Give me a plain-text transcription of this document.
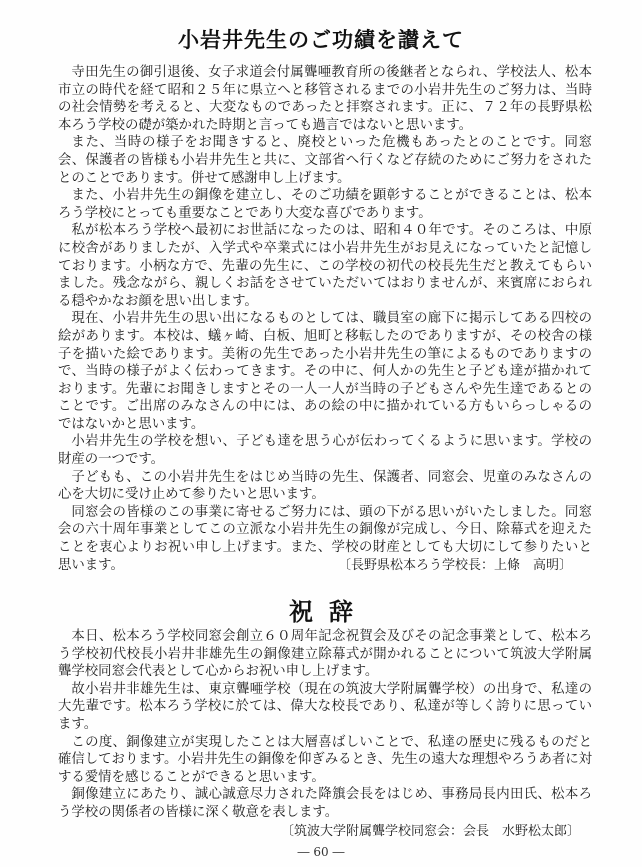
小岩井先生のご功績を讃えて

寺田先生の御引退後、女子求道会付属聾唖教育所の後継者となられ、学校法人、松本市立の時代を経て昭和２５年に県立へと移管されるまでの小岩井先生のご努力は、当時の社会情勢を考えると、大変なものであったと拝察されます。正に、７２年の長野県松本ろう学校の礎が築かれた時期と言っても過言ではないと思います。

また、当時の様子をお聞きすると、廃校といった危機もあったとのことです。同窓会、保護者の皆様も小岩井先生と共に、文部省へ行くなど存続のためにご努力をされたとのことであります。併せて感謝申し上げます。

また、小岩井先生の銅像を建立し、そのご功績を顕彰することができることは、松本ろう学校にとっても重要なことであり大変な喜びであります。

私が松本ろう学校へ最初にお世話になったのは、昭和４０年です。そのころは、中原に校舎がありましたが、入学式や卒業式には小岩井先生がお見えになっていたと記憶しております。小柄な方で、先輩の先生に、この学校の初代の校長先生だと教えてもらいました。残念ながら、親しくお話をさせていただいてはおりませんが、来賓席におられる穏やかなお顔を思い出します。

現在、小岩井先生の思い出になるものとしては、職員室の廊下に掲示してある四校の絵があります。本校は、蟻ヶ崎、白板、旭町と移転したのでありますが、その校舎の様子を描いた絵であります。美術の先生であった小岩井先生の筆によるものでありますので、当時の様子がよく伝わってきます。その中に、何人かの先生と子ども達が描かれております。先輩にお聞きしますとその一人一人が当時の子どもさんや先生達であるとのことです。ご出席のみなさんの中には、あの絵の中に描かれている方もいらっしゃるのではないかと思います。

小岩井先生の学校を想い、子ども達を思う心が伝わってくるように思います。学校の財産の一つです。

子どもも、この小岩井先生をはじめ当時の先生、保護者、同窓会、児童のみなさんの心を大切に受け止めて参りたいと思います。

同窓会の皆様のこの事業に寄せるご努力には、頭の下がる思いがいたしました。同窓会の六十周年事業としてこの立派な小岩井先生の銅像が完成し、今日、除幕式を迎えたことを衷心よりお祝い申し上げます。また、学校の財産としても大切にして参りたいと思います。	〔長野県松本ろう学校長：上條　高明〕
祝辞

本日、松本ろう学校同窓会創立６０周年記念祝賀会及びその記念事業として、松本ろう学校初代校長小岩井非雄先生の銅像建立除幕式が開かれることについて筑波大学附属聾学校同窓会代表として心からお祝い申し上げます。

故小岩井非雄先生は、東京聾唖学校（現在の筑波大学附属聾学校）の出身で、私達の大先輩です。松本ろう学校に於ては、偉大な校長であり、私達が等しく誇りに思っています。

この度、銅像建立が実現したことは大層喜ばしいことで、私達の歴史に残るものだと確信しております。小岩井先生の銅像を仰ぎみるとき、先生の遠大な理想やろうあ者に対する愛情を感じることができると思います。

銅像建立にあたり、誠心誠意尽力された降籏会長をはじめ、事務局長内田氏、松本ろう学校の関係者の皆様に深く敬意を表します。

〔筑波大学附属聾学校同窓会：会長　水野松太郎〕
― 60 ―
